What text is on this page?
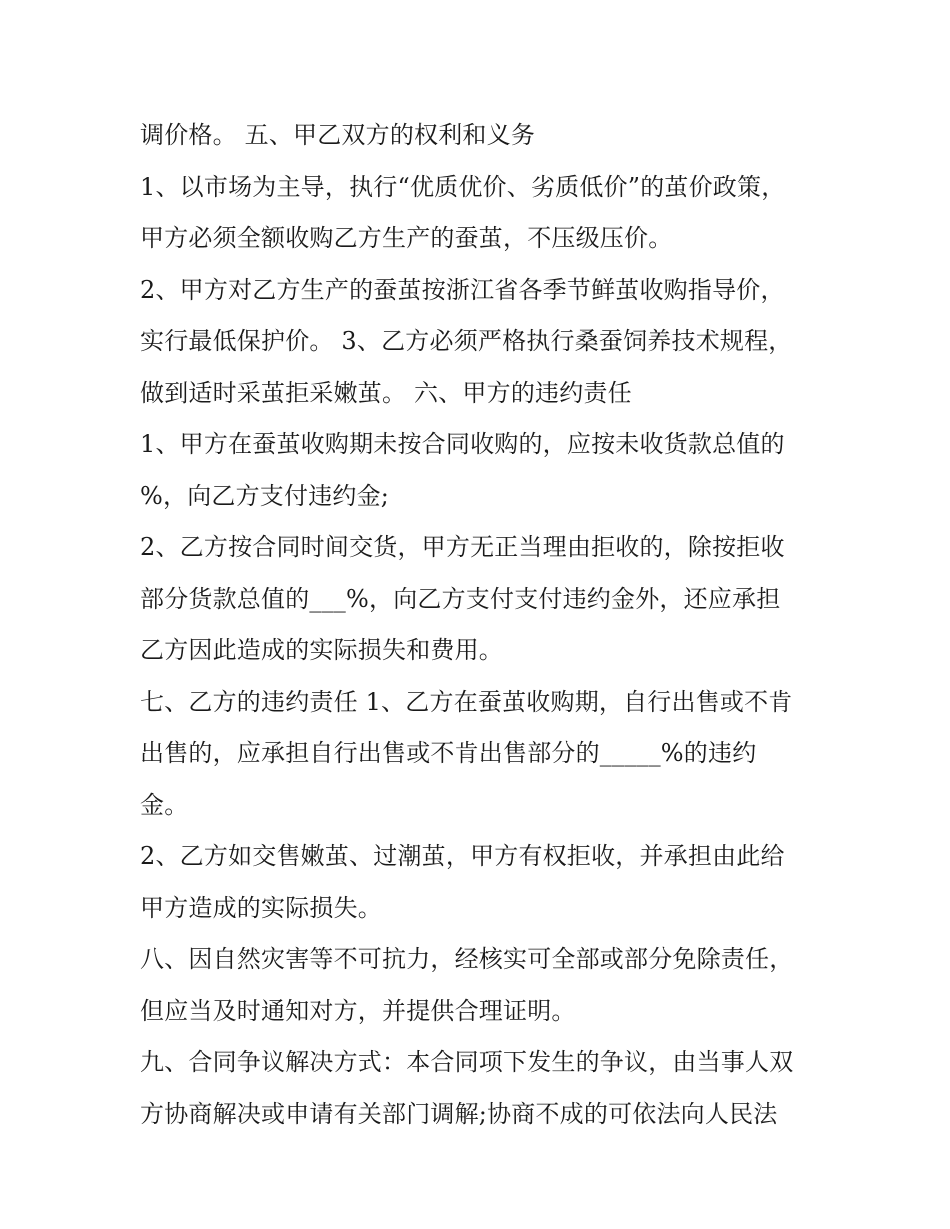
调价格。 五、甲乙双方的权利和义务
1、以市场为主导，执行“优质优价、劣质低价”的茧价政策，
甲方必须全额收购乙方生产的蚕茧，不压级压价。
2、甲方对乙方生产的蚕茧按浙江省各季节鲜茧收购指导价，
实行最低保护价。 3、乙方必须严格执行桑蚕饲养技术规程，
做到适时采茧拒采嫩茧。 六、甲方的违约责任
1、甲方在蚕茧收购期未按合同收购的，应按未收货款总值的
%，向乙方支付违约金;
2、乙方按合同时间交货，甲方无正当理由拒收的，除按拒收
部分货款总值的___%，向乙方支付支付违约金外，还应承担
乙方因此造成的实际损失和费用。
七、乙方的违约责任 1、乙方在蚕茧收购期，自行出售或不肯
出售的，应承担自行出售或不肯出售部分的_____%的违约
金。
2、乙方如交售嫩茧、过潮茧，甲方有权拒收，并承担由此给
甲方造成的实际损失。
八、因自然灾害等不可抗力，经核实可全部或部分免除责任，
但应当及时通知对方，并提供合理证明。
九、合同争议解决方式：本合同项下发生的争议，由当事人双
方协商解决或申请有关部门调解;协商不成的可依法向人民法
